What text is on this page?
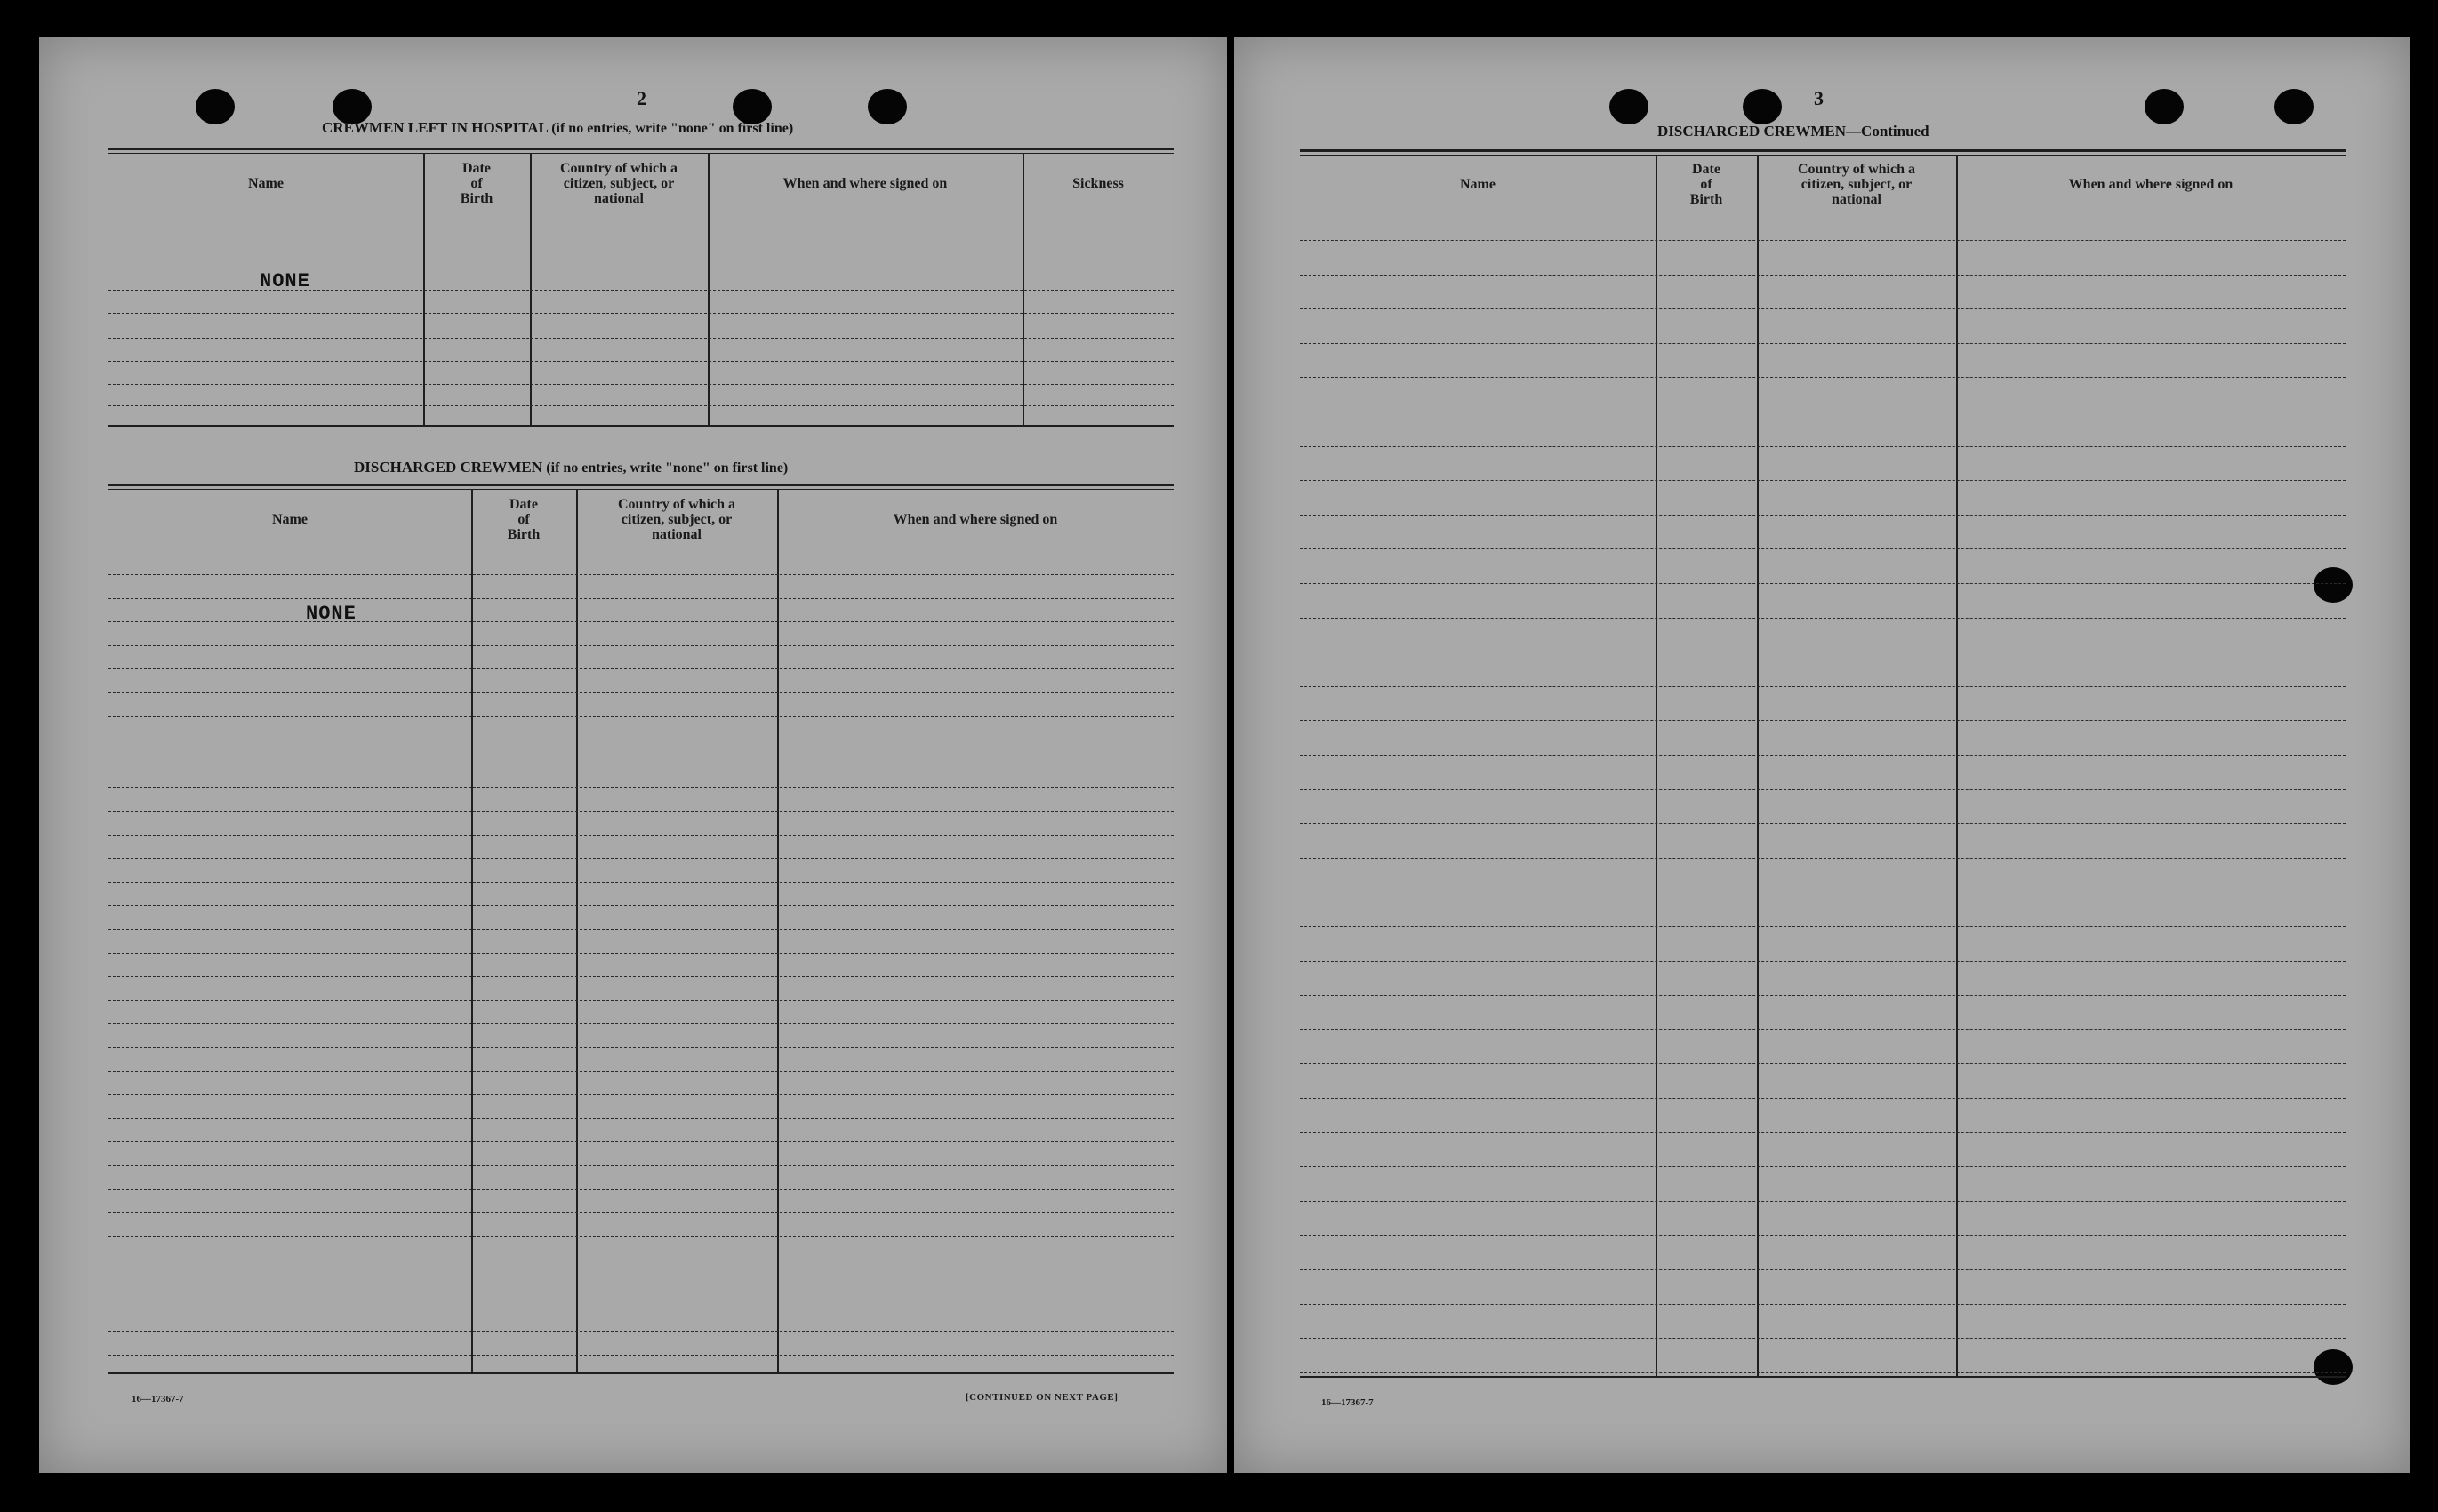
2
CREWMEN LEFT IN HOSPITAL (if no entries, write "none" on first line)
Name
Date
of
Birth
Country of which a
citizen, subject, or
national
When and where signed on	Sickness
NONE
DISCHARGED CREWMEN (if no entries, write "none" on first line)
Name
Date
of
Birth
Country of which a
citizen, subject, or
national
When and where signed on
NONE
16—17367-7	[CONTINUED ON NEXT PAGE]
3
DISCHARGED CREWMEN—Continued
Name
Date
of
Birth
Country of which a
citizen, subject, or
national
When and where signed on
16—17367-7
